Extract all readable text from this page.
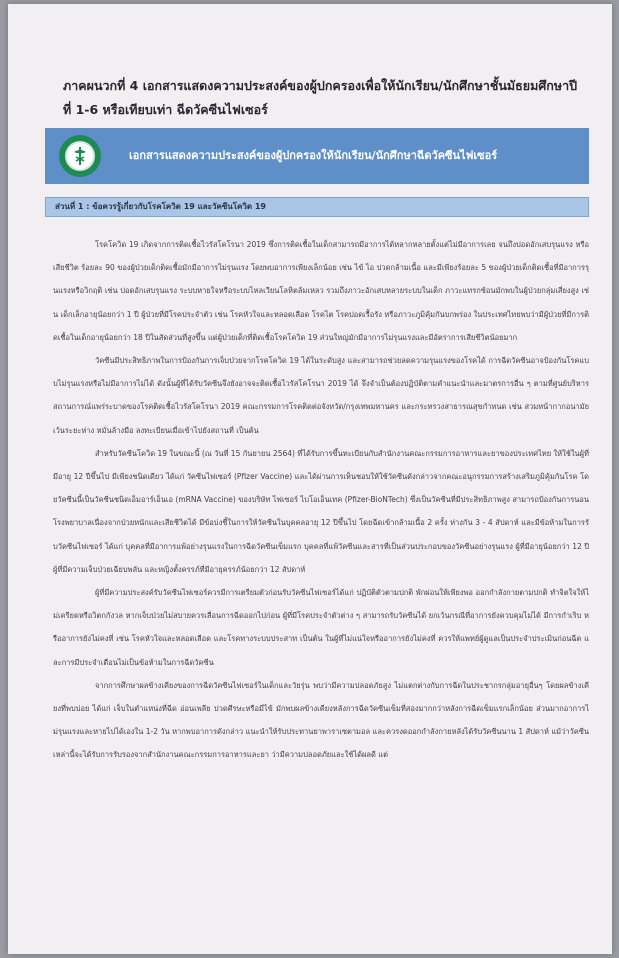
ภาคผนวกที่ 4 เอกสารแสดงความประสงค์ของผู้ปกครองเพื่อให้นักเรียน/นักศึกษาชั้นมัธยมศึกษาปีที่ 1-6 หรือเทียบเท่า ฉีดวัคซีนไฟเซอร์
เอกสารแสดงความประสงค์ของผู้ปกครองให้นักเรียน/นักศึกษาฉีดวัคซีนไฟเซอร์
ส่วนที่ 1 : ข้อควรรู้เกี่ยวกับโรคโควิด 19 และวัคซีนโควิด 19

โรคโควิด 19 เกิดจากการติดเชื้อไวรัสโคโรนา 2019 ซึ่งการติดเชื้อในเด็กสามารถมีอาการได้หลากหลายตั้งแต่ไม่มีอาการเลย จนถึงปอดอักเสบรุนแรง หรือเสียชีวิต ร้อยละ 90 ของผู้ป่วยเด็กติดเชื้อมักมีอาการไม่รุนแรง โดยพบอาการเพียงเล็กน้อย เช่น ไข้ ไอ ปวดกล้ามเนื้อ และมีเพียงร้อยละ 5 ของผู้ป่วยเด็กติดเชื้อที่มีอาการรุนแรงหรือวิกฤติ เช่น ปอดอักเสบรุนแรง ระบบหายใจหรือระบบไหลเวียนโลหิตล้มเหลว รวมถึงภาวะอักเสบหลายระบบในเด็ก ภาวะแทรกซ้อนมักพบในผู้ป่วยกลุ่มเสี่ยงสูง เช่น เด็กเล็กอายุน้อยกว่า 1 ปี ผู้ป่วยที่มีโรคประจำตัว เช่น โรคหัวใจและหลอดเลือด โรคไต โรคปอดเรื้อรัง หรือภาวะภูมิคุ้มกันบกพร่อง ในประเทศไทยพบว่ามีผู้ป่วยที่มีการติดเชื้อในเด็กอายุน้อยกว่า 18 ปีในสัดส่วนที่สูงขึ้น แต่ผู้ป่วยเด็กที่ติดเชื้อโรคโควิด 19 ส่วนใหญ่มักมีอาการไม่รุนแรงและมีอัตราการเสียชีวิตน้อยมาก

วัคซีนมีประสิทธิภาพในการป้องกันการเจ็บป่วยจากโรคโควิด 19 ได้ในระดับสูง และสามารถช่วยลดความรุนแรงของโรคได้ การฉีดวัคซีนอาจป้องกันโรคแบบไม่รุนแรงหรือไม่มีอาการไม่ได้ ดังนั้นผู้ที่ได้รับวัคซีนจึงยังอาจจะติดเชื้อไวรัสโคโรนา 2019 ได้ จึงจำเป็นต้องปฏิบัติตามคำแนะนำและมาตรการอื่น ๆ ตามที่ศูนย์บริหารสถานการณ์แพร่ระบาดของโรคติดเชื้อไวรัสโคโรนา 2019 คณะกรรมการโรคติดต่อจังหวัด/กรุงเทพมหานคร และกระทรวงสาธารณสุขกำหนด เช่น สวมหน้ากากอนามัย เว้นระยะห่าง หมั่นล้างมือ ลงทะเบียนเมื่อเข้าไปยังสถานที่ เป็นต้น

สำหรับวัคซีนโควิด 19 ในขณะนี้ (ณ วันที่ 15 กันยายน 2564) ที่ได้รับการขึ้นทะเบียนกับสำนักงานคณะกรรมการอาหารและยาของประเทศไทย ให้ใช้ในผู้ที่มีอายุ 12 ปีขึ้นไป มีเพียงชนิดเดียว ได้แก่ วัคซีนไฟเซอร์ (Pfizer Vaccine) และได้ผ่านการเห็นชอบให้ใช้วัคซีนดังกล่าวจากคณะอนุกรรมการสร้างเสริมภูมิคุ้มกันโรค โดยวัคซีนนี้เป็นวัคซีนชนิดเอ็มอาร์เอ็นเอ (mRNA Vaccine) ของบริษัท ไฟเซอร์ ไบโอเอ็นเทค (Pfizer-BioNTech) ซึ่งเป็นวัคซีนที่มีประสิทธิภาพสูง สามารถป้องกันการนอนโรงพยาบาลเนื่องจากป่วยหนักและเสียชีวิตได้ มีข้อบ่งชี้ในการให้วัคซีนในบุคคลอายุ 12 ปีขึ้นไป โดยฉีดเข้ากล้ามเนื้อ 2 ครั้ง ห่างกัน 3 - 4 สัปดาห์ และมีข้อห้ามในการรับวัคซีนไฟเซอร์ ได้แก่ บุคคลที่มีอาการแพ้อย่างรุนแรงในการฉีดวัคซีนเข็มแรก บุคคลที่แพ้วัคซีนและสารที่เป็นส่วนประกอบของวัคซีนอย่างรุนแรง ผู้ที่มีอายุน้อยกว่า 12 ปี ผู้ที่มีความเจ็บป่วยเฉียบพลัน และหญิงตั้งครรภ์ที่มีอายุครรภ์น้อยกว่า 12 สัปดาห์

ผู้ที่มีความประสงค์รับวัคซีนไฟเซอร์ควรมีการเตรียมตัวก่อนรับวัคซีนไฟเซอร์ได้แก่ ปฏิบัติตัวตามปกติ พักผ่อนให้เพียงพอ ออกกำลังกายตามปกติ ทำจิตใจให้ไม่เครียดหรือวิตกกังวล หากเจ็บป่วยไม่สบายควรเลื่อนการฉีดออกไปก่อน ผู้ที่มีโรคประจำตัวต่าง ๆ สามารถรับวัคซีนได้ ยกเว้นกรณีที่อาการยังควบคุมไม่ได้ มีการกำเริบ หรืออาการยังไม่คงที่ เช่น โรคหัวใจและหลอดเลือด และโรคทางระบบประสาท เป็นต้น ในผู้ที่ไม่แน่ใจหรืออาการยังไม่คงที่ ควรให้แพทย์ผู้ดูแลเป็นประจำประเมินก่อนฉีด และการมีประจำเดือนไม่เป็นข้อห้ามในการฉีดวัคซีน

จากการศึกษาผลข้างเคียงของการฉีดวัคซีนไฟเซอร์ในเด็กและวัยรุ่น พบว่ามีความปลอดภัยสูง ไม่แตกต่างกับการฉีดในประชากรกลุ่มอายุอื่นๆ โดยผลข้างเคียงที่พบบ่อย ได้แก่ เจ็บในตำแหน่งที่ฉีด อ่อนเพลีย ปวดศีรษะหรือมีไข้ มักพบผลข้างเคียงหลังการฉีดวัคซีนเข็มที่สองมากกว่าหลังการฉีดเข็มแรกเล็กน้อย ส่วนมากอาการไม่รุนแรงและหายไปได้เองใน 1-2 วัน หากพบอาการดังกล่าว แนะนำให้รับประทานยาพาราเซตามอล และควรงดออกกำลังกายหลังได้รับวัคซีนนาน 1 สัปดาห์ แม้ว่าวัคซีนเหล่านี้จะได้รับการรับรองจากสำนักงานคณะกรรมการอาหารและยา ว่ามีความปลอดภัยและใช้ได้ผลดี แต่
